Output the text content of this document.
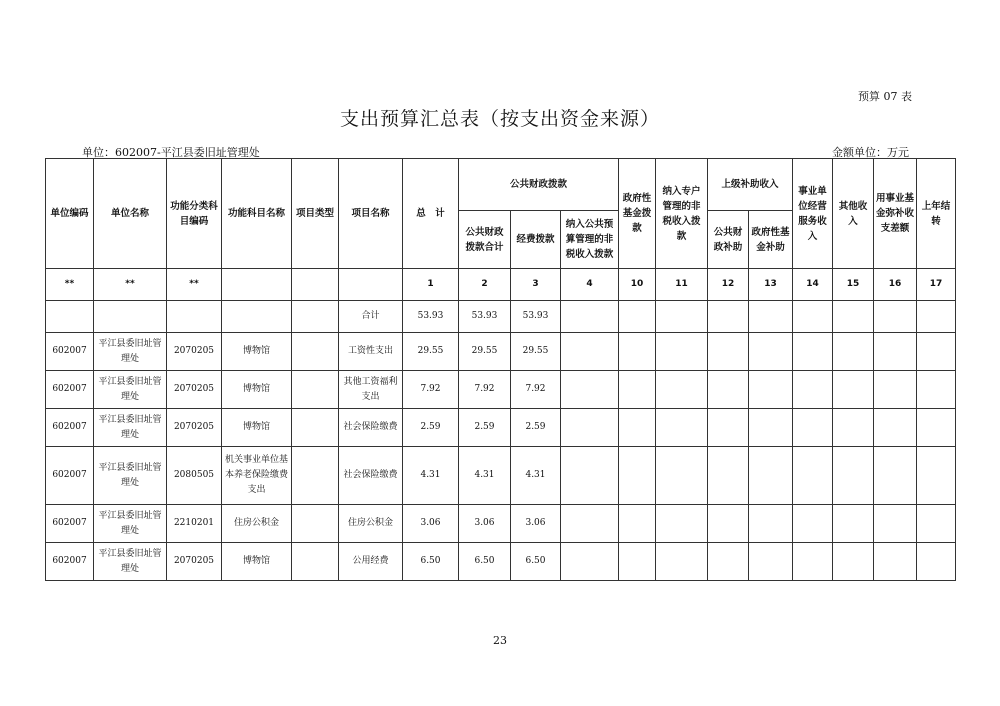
预算 07 表
支出预算汇总表（按支出资金来源）
单位：602007-平江县委旧址管理处	金额单位：万元
单位编码	单位名称	功能分类科目编码	功能科目名称	项目类型	项目名称	总　计	公共财政拨款			政府性基金拨款	纳入专户管理的非税收入拨款	上级补助收入		事业单位经营服务收入	其他收入	用事业基金弥补收支差额	上年结转
							公共财政拨款合计	经费拨款	纳入公共预算管理的非税收入拨款			公共财政补助	政府性基金补助				
**	**	**				1	2	3	4	10	11	12	13	14	15	16	17
					合计	53.93	53.93	53.93									
602007	平江县委旧址管理处	2070205	博物馆		工资性支出	29.55	29.55	29.55									
602007	平江县委旧址管理处	2070205	博物馆		其他工资福利支出	7.92	7.92	7.92									
602007	平江县委旧址管理处	2070205	博物馆		社会保险缴费	2.59	2.59	2.59									
602007	平江县委旧址管理处	2080505	机关事业单位基本养老保险缴费支出		社会保险缴费	4.31	4.31	4.31									
602007	平江县委旧址管理处	2210201	住房公积金		住房公积金	3.06	3.06	3.06									
602007	平江县委旧址管理处	2070205	博物馆		公用经费	6.50	6.50	6.50									
23
